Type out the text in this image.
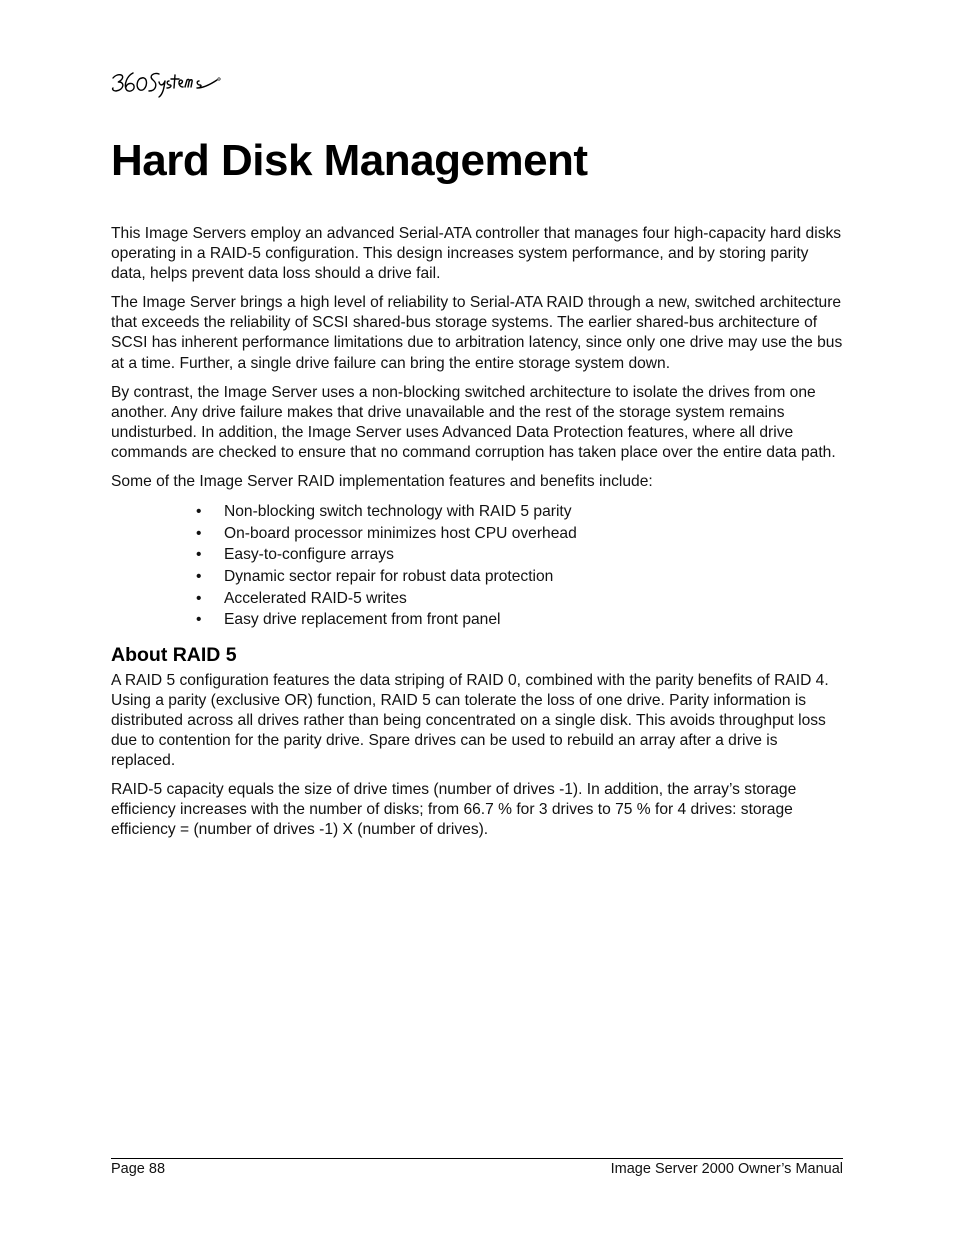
Hard Disk Management

This Image Servers employ an advanced Serial-ATA controller that manages four high-capacity hard disks operating in a RAID-5 configuration. This design increases system performance, and by storing parity data, helps prevent data loss should a drive fail.

The Image Server brings a high level of reliability to Serial-ATA RAID through a new, switched architecture that exceeds the reliability of SCSI shared-bus storage systems. The earlier shared-bus architecture of SCSI has inherent performance limitations due to arbitration latency, since only one drive may use the bus at a time. Further, a single drive failure can bring the entire storage system down.

By contrast, the Image Server uses a non-blocking switched architecture to isolate the drives from one another. Any drive failure makes that drive unavailable and the rest of the storage system remains undisturbed. In addition, the Image Server uses Advanced Data Protection features, where all drive commands are checked to ensure that no command corruption has taken place over the entire data path.

Some of the Image Server RAID implementation features and benefits include:

• Non-blocking switch technology with RAID 5 parity
• On-board processor minimizes host CPU overhead
• Easy-to-configure arrays
• Dynamic sector repair for robust data protection
• Accelerated RAID-5 writes
• Easy drive replacement from front panel
About RAID 5

A RAID 5 configuration features the data striping of RAID 0, combined with the parity benefits of RAID 4. Using a parity (exclusive OR) function, RAID 5 can tolerate the loss of one drive. Parity information is distributed across all drives rather than being concentrated on a single disk. This avoids throughput loss due to contention for the parity drive. Spare drives can be used to rebuild an array after a drive is replaced.

RAID-5 capacity equals the size of drive times (number of drives -1). In addition, the array’s storage efficiency increases with the number of disks; from 66.7 % for 3 drives to 75 % for 4 drives: storage efficiency = (number of drives -1) X (number of drives).

Page 88	Image Server 2000 Owner’s Manual
